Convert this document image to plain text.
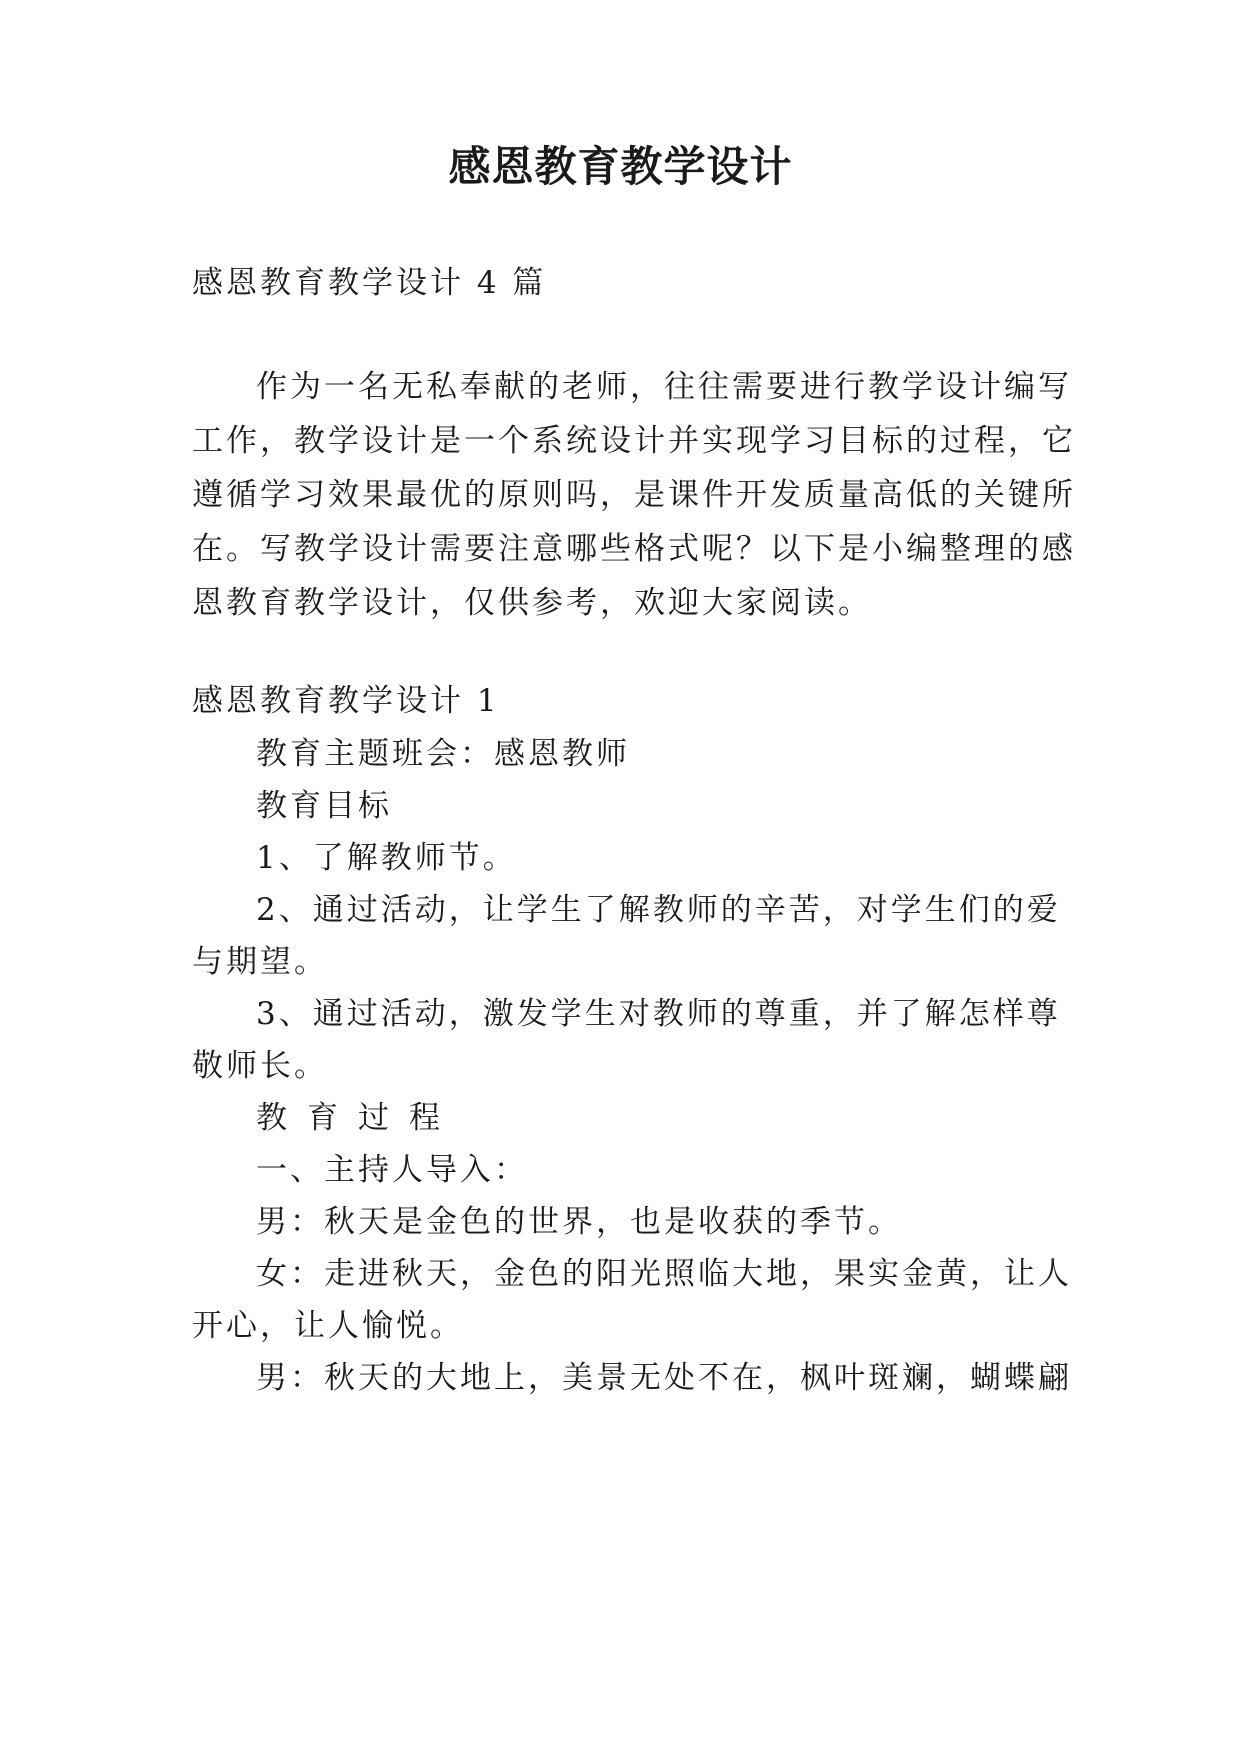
感恩教育教学设计
感恩教育教学设计 4 篇
作为一名无私奉献的老师，往往需要进行教学设计编写
工作，教学设计是一个系统设计并实现学习目标的过程，它
遵循学习效果最优的原则吗，是课件开发质量高低的关键所
在。写教学设计需要注意哪些格式呢？以下是小编整理的感
恩教育教学设计，仅供参考，欢迎大家阅读。
感恩教育教学设计 1
教育主题班会：感恩教师
教育目标
1、了解教师节。
2、通过活动，让学生了解教师的辛苦，对学生们的爱
与期望。
3、通过活动，激发学生对教师的尊重，并了解怎样尊
敬师长。
教育过程
一、主持人导入：
男：秋天是金色的世界，也是收获的季节。
女：走进秋天，金色的阳光照临大地，果实金黄，让人
开心，让人愉悦。
男：秋天的大地上，美景无处不在，枫叶斑斓，蝴蝶翩
